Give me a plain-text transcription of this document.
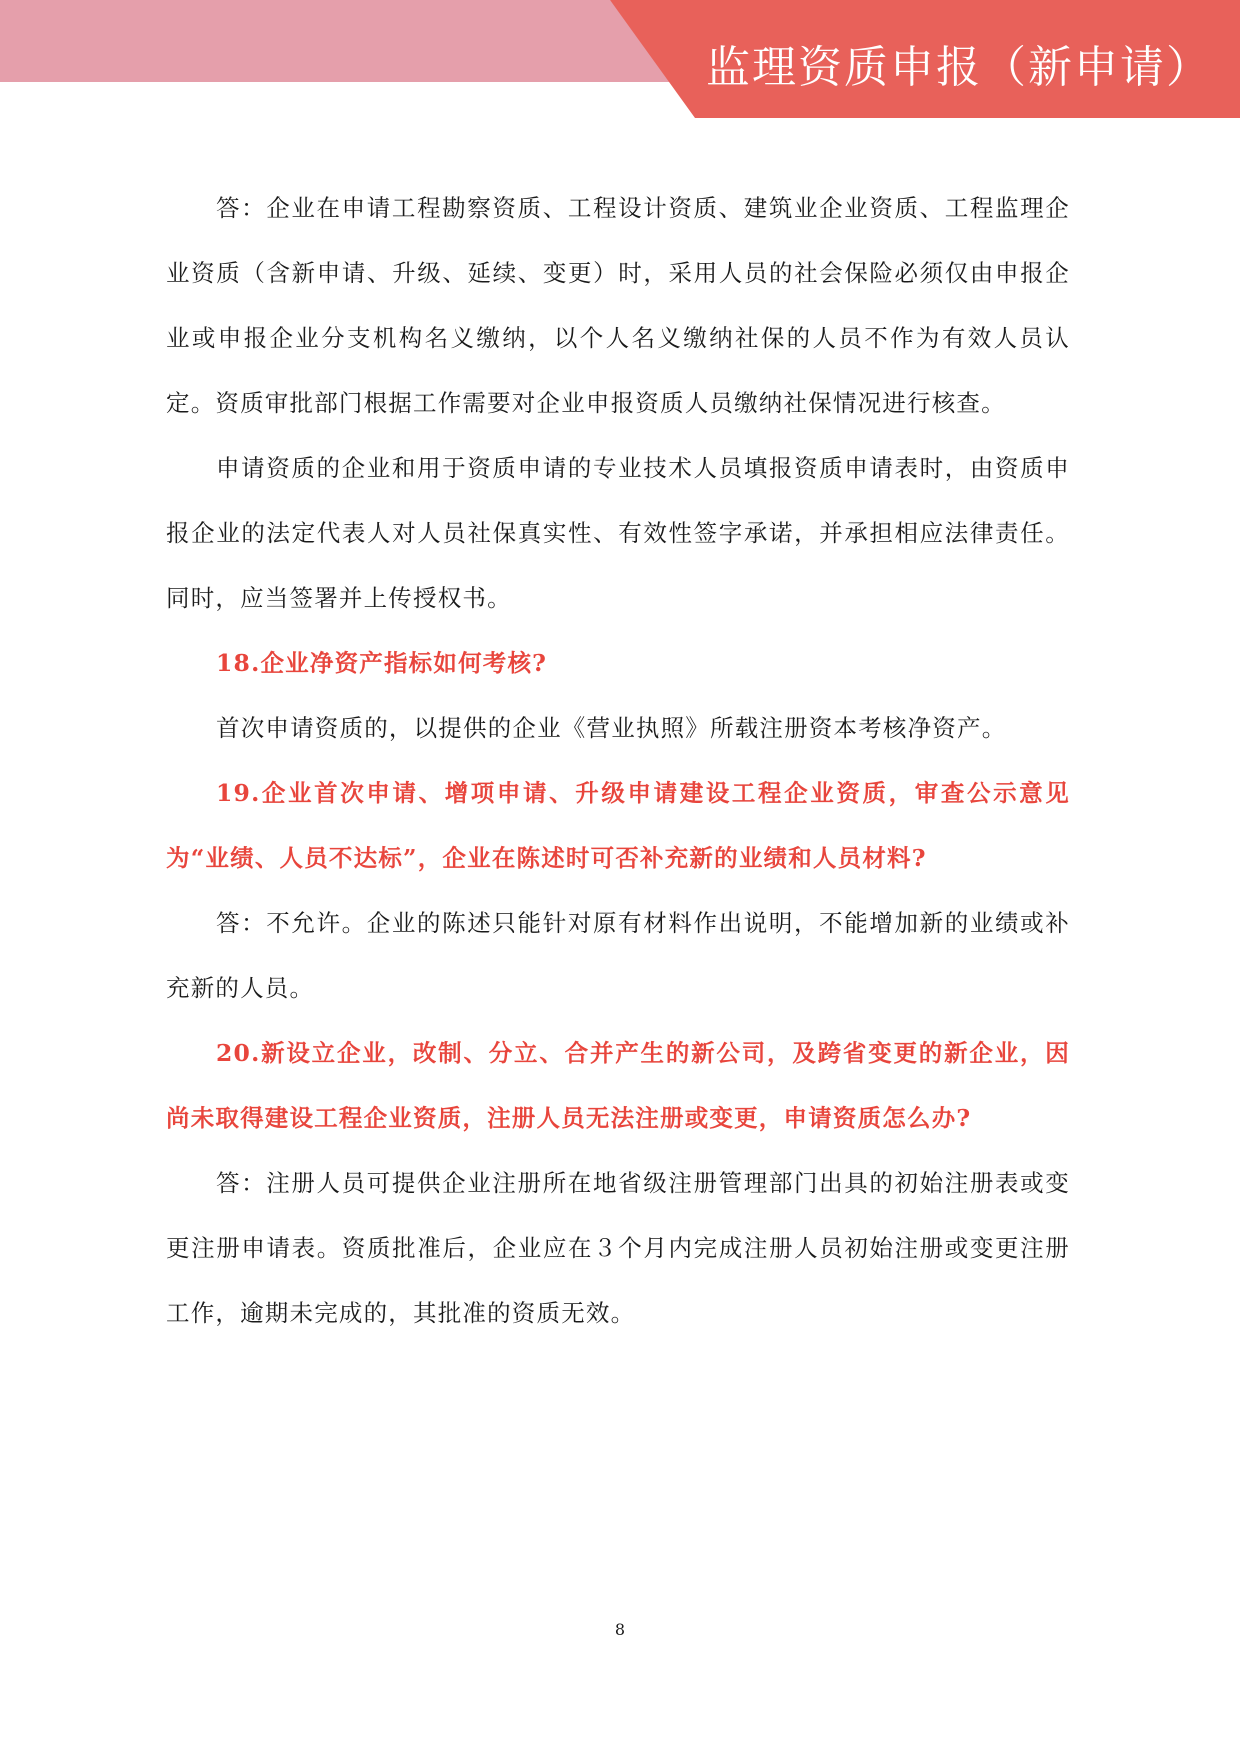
监理资质申报（新申请）

答：企业在申请工程勘察资质、工程设计资质、建筑业企业资质、工程监理企业资质（含新申请、升级、延续、变更）时，采用人员的社会保险必须仅由申报企业或申报企业分支机构名义缴纳，以个人名义缴纳社保的人员不作为有效人员认定。资质审批部门根据工作需要对企业申报资质人员缴纳社保情况进行核查。

申请资质的企业和用于资质申请的专业技术人员填报资质申请表时，由资质申报企业的法定代表人对人员社保真实性、有效性签字承诺，并承担相应法律责任。同时，应当签署并上传授权书。

18.企业净资产指标如何考核?

首次申请资质的，以提供的企业《营业执照》所载注册资本考核净资产。

19.企业首次申请、增项申请、升级申请建设工程企业资质，审查公示意见为“业绩、人员不达标”，企业在陈述时可否补充新的业绩和人员材料?

答：不允许。企业的陈述只能针对原有材料作出说明，不能增加新的业绩或补充新的人员。

20.新设立企业，改制、分立、合并产生的新公司，及跨省变更的新企业，因尚未取得建设工程企业资质，注册人员无法注册或变更，申请资质怎么办?

答：注册人员可提供企业注册所在地省级注册管理部门出具的初始注册表或变更注册申请表。资质批准后，企业应在３个月内完成注册人员初始注册或变更注册工作，逾期未完成的，其批准的资质无效。

8
